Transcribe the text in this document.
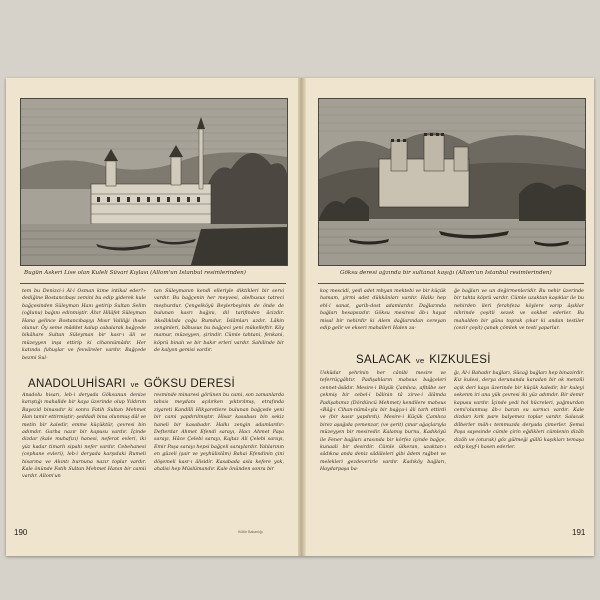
Bugün Askeri Lise olan Kuleli Süvari Kışlası (Allom'un İstanbul resimlerinden)

tem bu Denizci-i Âl-i Osman kime intikal eder?» dediğine Bostancıbaşı zemini bu edip giderek kule bağçesinden Süleyman Hanı getirip Sultan Selim (oğlunu) bağını edinmiştir. Âhır Hilâfet Süleyman Hana gelince Bostancıbaşıyı Mısır Valiliği ihsan olunur. Öy seme mâddet kalup cabalarak bağçede bikâhare Sultan Süleyman bir kasr-ı âli ve müzeyyen inşa ettirip ki cihannümâdır. Her katında fuhuşlar ve fevvâreler vardır. Bağçede bezmi Sul-

tan Süleymanın kendi elleriyle diktikleri bir servi vardır. Bu bağçenin her meyvesi, alelhusus tatreci meşhurdur. Çengelköyü Beylerbeyinin de önde de bulunan kasrı bağını, dil tarifinden âcizdir. Aksâlıklıda çoğu Rumdur, İslâmları azdır. Lâkin zenginleri, bâhusus bu bağçeci yeni mükelleftir. Köy mamur, müzeyyen, şirindir. Cümle tahtani, fenkani, köprü binalı ve bir bakır erleri vardır. Sahilinde bir de kalyon gemisi vardır.

ANADOLUHİSARI ve GÖKSU DERESİ

Anadolu hisarı, leb-i deryada Göksunun denize karıştığı mahallde bir kaya üzerinde olup Yıldırım Bayezid binasıdır ki sonra Fatih Sultan Mehmet Han tamir ettirmiştir; şeddadi bina olunmuş dâl ve metin bir kaledir, emme küçüktür, çevresi bin adımdır. Garba nazır bir kapusu vardır. İçinde dizdar (kale muhafızı) hanesi, neferat evleri, iki yüz kadar timarlı sipahi nefer vardır. Cebehanesi (cephane evleri), leb-i deryada karşıdaki Rumeli hisarına ve Akıntı burnuna nazır toplar vardır. Kale önünde Fatih Sultan Mehmet Hanın bir camii vardır. Allom'un

resminde minaresi görünen bu cami, son zamanlarda tahsis meydanı açılırken yıktırılmış, etrafında ziyareti Kandilli Hikyaretlere bulunan bağçede yeni bir cami yapdırılmıştır. Hisar kasabası bin sekiz haneli bir kasabadır. Halkı zengin adamlardır: Defterdar Ahmet Efendi sarayı, Hacı Ahmet Paşa sarayı, Hâce Çelebi sarayı, Kajtaz Ali Çelebi sarayı, Emir Paşa sarayı hepsi bağçeli saraylardır. Yalılarının en güzeli (şair ve yeyhülislâm) Bahai Efendinin çini döşemeli kasr-ı âlisidir. Kasabada asla kefere yok, ahalisi hep Müslümandır. Kale önünden sonra bir

190	Kültür Bakanlığı
Göksu deresi ağzında bir sultanat kaşığı (Allom'un İstanbul resimlerinden)

koç mescidi, yedi adet mhyan mektebi ve bir küçük hamam, yirmi adet dükkânları vardır. Halkı hep ehl-i sanat, garib-dost adamlardır. Dağlarında bağları hesapsızdır. Göksu mesiresi âb-ı hayat misal bir nehirdir ki Alem dağlarından cereyan edip gelir ve ekseri mahalleri Halen za-

ğe bağları ve un değirmenleridir. Bu nehir üzerinde bir tahta köprü vardır. Cümle uzaktan kaşıklar ile bu nehirden ileri ferahfeza köylere varıp âşıklar nihrinde çeşitli sezek ve sokbet ederler. Bu mahalden bir gûna toprak çıkar ki andan testiler (cezir çeşit) çanak çömlek ve testi yaparlar.

SALACAK ve KIZKULESİ

Üsküdar şehrinin her cânibi mesire ve teferrüçgâhtır. Padişahların mahsus bağçeleri cennet-âsâdır. Mesire-i Büyük Çamlıca, afitâbe ser çekmiş bir cebel-i bâlinin tâ zirve-i âlâmda Padişahımız (Dördüncü Mehmet) kendilere mahsus «Bâğ-ı Cihan-nümâ»yla bir bağça-i âli tarh ettirdi ve (bir kasır yapdırdı). Mesire-i Küçük Çamlıca birez aşağıda çemenzar, (ve şerit) çınar ağaçlarıyla müzeyyen bir mesiredir. Kalamış burnu, Kadıköyü ile Fener bağları arasında bir körfez içinde bağçe, kunaali bir desirdir. Cümle ülkeran, uzaktan-ı sâdıkna anda deniz sâdâleleri gibi âdem rağbet ve melekleri gezdeverirle vardır. Kadıköy bağları, Haydarpaşa ba-

ğı, Âl-i Bahadır bağları, Sücağ bağları hep binazirdir. Kız kulesi, derya derunanda karadan bir ok menzili açık deri kaya üzerinde bir küçük kaledir, bir kuleyi sekenm iri ana yük çevresi iki yüz adımdır. Bir demir kapusu vardır. İçinde yedi hol hücreleri, yağmurdan cemi'olunmuş âb-ı baran su sarnıcı vardır. Kale dizdarı kırk pare balyemez toplar vardır. Salacak dilberler mâh-ı temmuzda deryada çimerler. Şemsi Paşa sayesinde cümle çirin eğdikleri cümlenin dizâh dizâh ve (oturak) göz gülmeği güllü kaşıkları temaşa edip keyf-i hasen ederler.

191
